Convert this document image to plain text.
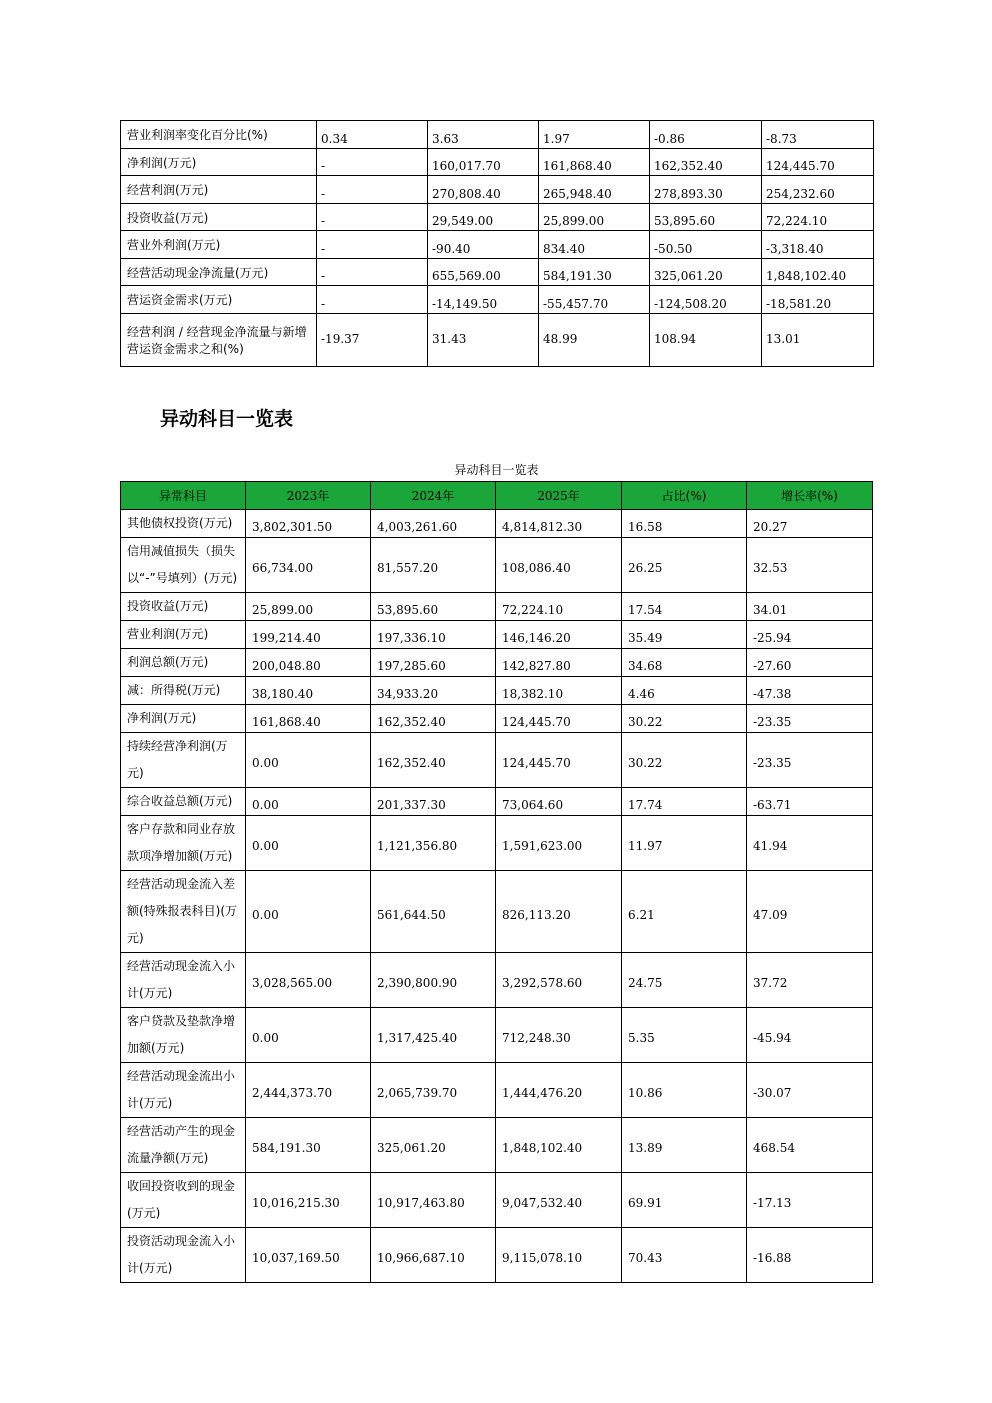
营业利润率变化百分比(%)	0.34	3.63	1.97	-0.86	-8.73
净利润(万元)	-	160,017.70	161,868.40	162,352.40	124,445.70
经营利润(万元)	-	270,808.40	265,948.40	278,893.30	254,232.60
投资收益(万元)	-	29,549.00	25,899.00	53,895.60	72,224.10
营业外利润(万元)	-	-90.40	834.40	-50.50	-3,318.40
经营活动现金净流量(万元)	-	655,569.00	584,191.30	325,061.20	1,848,102.40
营运资金需求(万元)	-	-14,149.50	-55,457.70	-124,508.20	-18,581.20
经营利润 / 经营现金净流量与新增营运资金需求之和(%)	-19.37	31.43	48.99	108.94	13.01
异动科目一览表
异动科目一览表
异常科目	2023年	2024年	2025年	占比(%)	增长率(%)
其他债权投资(万元)	3,802,301.50	4,003,261.60	4,814,812.30	16.58	20.27
信用减值损失（损失以“-”号填列）(万元)	66,734.00	81,557.20	108,086.40	26.25	32.53
投资收益(万元)	25,899.00	53,895.60	72,224.10	17.54	34.01
营业利润(万元)	199,214.40	197,336.10	146,146.20	35.49	-25.94
利润总额(万元)	200,048.80	197,285.60	142,827.80	34.68	-27.60
减：所得税(万元)	38,180.40	34,933.20	18,382.10	4.46	-47.38
净利润(万元)	161,868.40	162,352.40	124,445.70	30.22	-23.35
持续经营净利润(万元)	0.00	162,352.40	124,445.70	30.22	-23.35
综合收益总额(万元)	0.00	201,337.30	73,064.60	17.74	-63.71
客户存款和同业存放款项净增加额(万元)	0.00	1,121,356.80	1,591,623.00	11.97	41.94
经营活动现金流入差额(特殊报表科目)(万元)	0.00	561,644.50	826,113.20	6.21	47.09
经营活动现金流入小计(万元)	3,028,565.00	2,390,800.90	3,292,578.60	24.75	37.72
客户贷款及垫款净增加额(万元)	0.00	1,317,425.40	712,248.30	5.35	-45.94
经营活动现金流出小计(万元)	2,444,373.70	2,065,739.70	1,444,476.20	10.86	-30.07
经营活动产生的现金流量净额(万元)	584,191.30	325,061.20	1,848,102.40	13.89	468.54
收回投资收到的现金(万元)	10,016,215.30	10,917,463.80	9,047,532.40	69.91	-17.13
投资活动现金流入小计(万元)	10,037,169.50	10,966,687.10	9,115,078.10	70.43	-16.88
